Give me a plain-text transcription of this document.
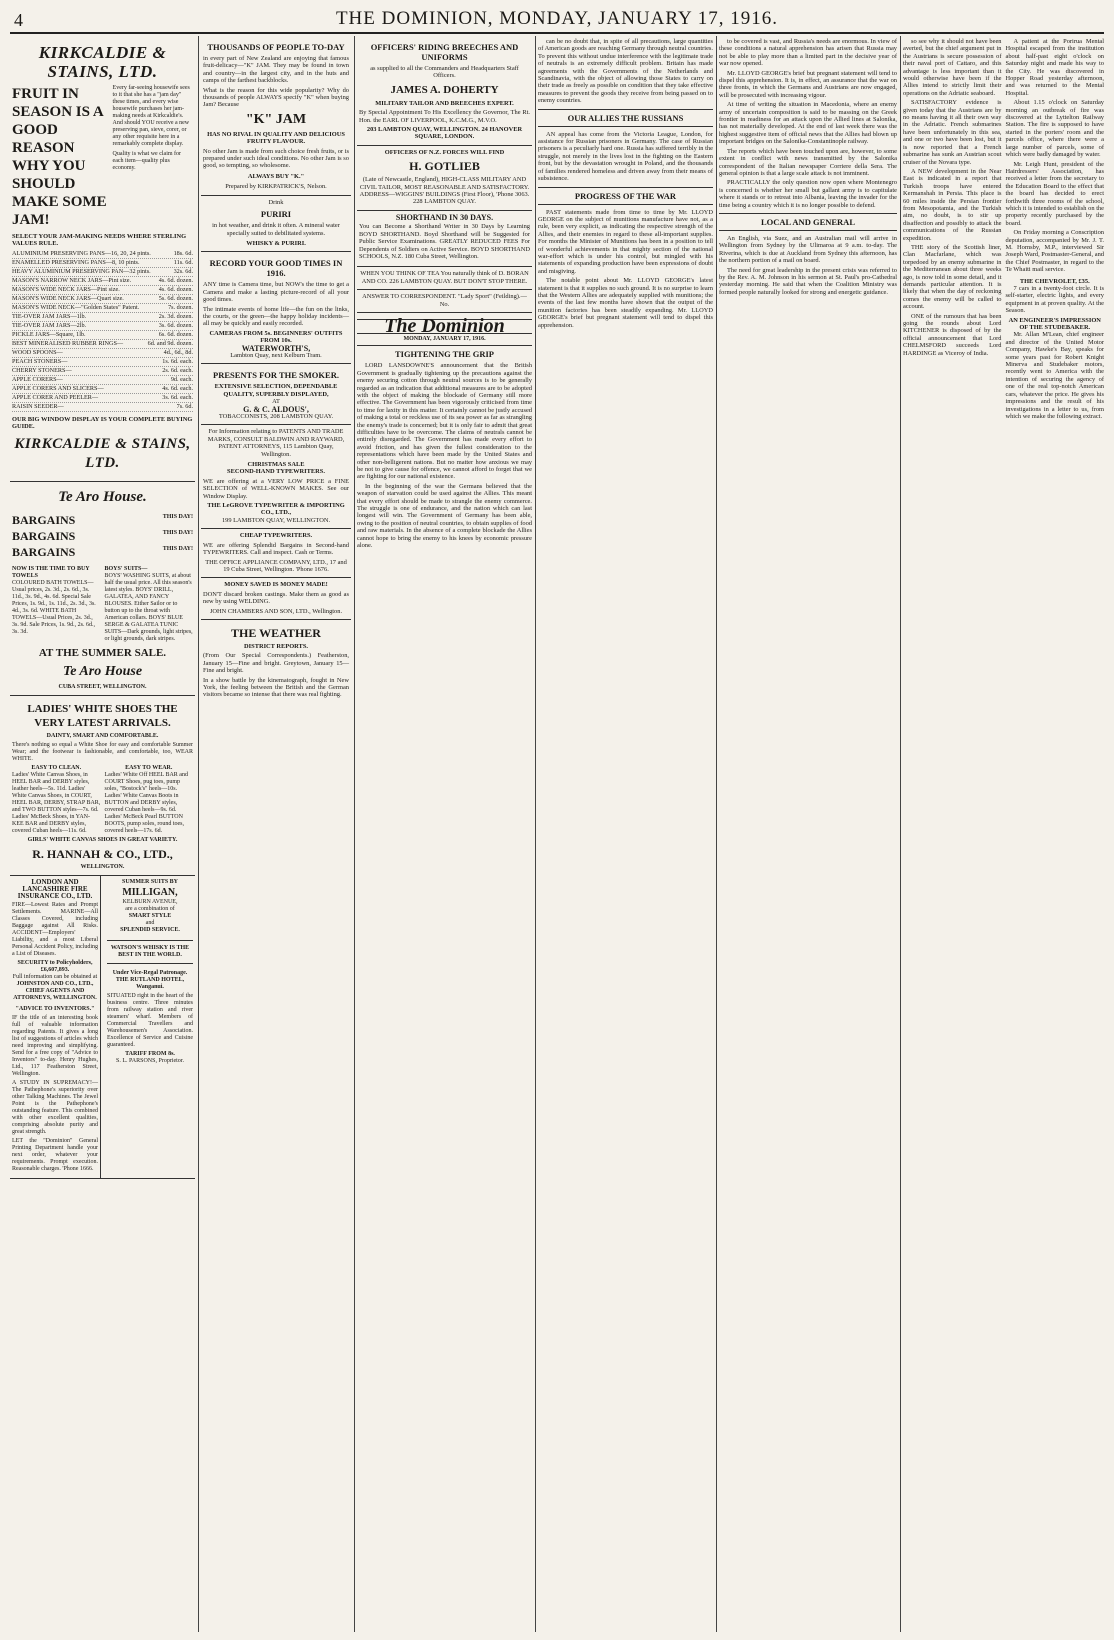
4	THE DOMINION, MONDAY, JANUARY 17, 1916.
KIRKCALDIE & STAINS, LTD.
FRUIT IN SEASON IS A GOOD REASON WHY YOU SHOULD MAKE SOME JAM!
Every far-seeing housewife sees to it that she has a "jam day" these times, and every wise housewife purchases her jam-making needs at Kirkcaldie's. And should YOU receive a new preserving pan, sieve, corer, or any other requisite here in a remarkably complete display.
Quality is what we claim for each item—quality plus economy.
SELECT YOUR JAM-MAKING NEEDS WHERE STERLING VALUES RULE.
ALUMINIUM PRESERVING PANS—16, 20, 24 pints.	18s. 6d.
ENAMELLED PRESERVING PANS—8, 10 pints.	11s. 6d.
HEAVY ALUMINIUM PRESERVING PAN—32 pints.	32s. 6d.
MASON'S NARROW NECK JARS—Pint size.	4s. 6d. dozen.
MASON'S WIDE NECK JARS—Pint size.	4s. 6d. dozen.
MASON'S WIDE NECK JARS—Quart size.	5s. 6d. dozen.
MASON'S WIDE NECK—"Golden States" Patent.	7s. dozen.
TIE-OVER JAM JARS—1lb.	2s. 3d. dozen.
TIE-OVER JAM JARS—2lb.	3s. 6d. dozen.
PICKLE JARS—Square, 1lb.	6s. 6d. dozen.
BEST MINERALISED RUBBER RINGS—	6d. and 9d. dozen.
WOOD SPOONS—	4d., 6d., 8d.
PEACH STONERS—	1s. 6d. each.
CHERRY STONERS—	2s. 6d. each.
APPLE CORERS—	9d. each.
APPLE CORERS AND SLICERS—	4s. 6d. each.
APPLE CORER AND PEELER—	3s. 6d. each.
RAISIN SEEDER—	7s. 6d.
OUR BIG WINDOW DISPLAY IS YOUR COMPLETE BUYING GUIDE.
KIRKCALDIE & STAINS, LTD.
Te Aro House.
BARGAINS
BARGAINS
BARGAINS
THIS DAY!
THIS DAY!
THIS DAY!
NOW IS THE TIME TO BUY TOWELS
COLOURED BATH TOWELS—Usual prices, 2s. 3d., 2s. 6d., 3s. 11d., 3s. 9d., 4s. 6d. Special Sale Prices, 1s. 9d., 1s. 11d., 2s. 3d., 3s. 4d., 3s. 6d. WHITE BATH TOWELS—Usual Prices, 2s. 3d., 3s. 9d. Sale Prices, 1s. 9d., 2s. 6d., 3s. 3d.
BOYS' SUITS—
BOYS' WASHING SUITS, at about half the usual price. All this season's latest styles. BOYS' DRILL, GALATEA, AND FANCY BLOUSES. Either Sailor or to button up to the throat with American collars. BOYS' BLUE SERGE & GALATEA TUNIC SUITS—Dark grounds, light stripes, or light grounds, dark stripes.
AT THE SUMMER SALE.
Te Aro House
CUBA STREET, WELLINGTON.
LADIES' WHITE SHOES THE VERY LATEST ARRIVALS.
DAINTY, SMART AND COMFORTABLE.
There's nothing so equal a White Shoe for easy and comfortable Summer Wear; and the footwear is fashionable, and comfortable, too, WEAR WHITE.
EASY TO CLEAN.
Ladies' White Canvas Shoes, in HEEL BAR and DERBY styles, leather heels—5s. 11d. Ladies' White Canvas Shoes, in COURT, HEEL BAR, DERBY, STRAP BAR, and TWO BUTTON styles—7s. 6d. Ladies' McBeck Shoes, in YAN-KEE BAR and DERBY styles, covered Cuban heels—11s. 6d.
EASY TO WEAR.
Ladies' White Off HEEL BAR and COURT Shoes, pug toes, pump soles, "Bostock's" heels—10s. Ladies' White Canvas Boots in BUTTON and DERBY styles, covered Cuban heels—9s. 6d. Ladies' McBeck Pearl BUTTON BOOTS, pump soles, round toes, covered heels—17s. 6d.
GIRLS' WHITE CANVAS SHOES IN GREAT VARIETY.
R. HANNAH & CO., LTD.,
WELLINGTON.
LONDON AND LANCASHIRE FIRE INSURANCE CO., LTD.
FIRE—Lowest Rates and Prompt Settlements. MARINE—All Classes Covered, including Baggage against All Risks. ACCIDENT—Employers' Liability, and a most Liberal Personal Accident Policy, including a List of Diseases.
SECURITY to Policyholders, £6,607,893.
Full information can be obtained at
JOHNSTON AND CO., LTD., CHIEF AGENTS AND ATTORNEYS, WELLINGTON.
"ADVICE TO INVENTORS."
IF the title of an interesting book full of valuable information regarding Patents. It gives a long list of suggestions of articles which need improving and simplifying. Send for a free copy of "Advice to Inventors" to-day. Henry Hughes, Ltd., 117 Featherston Street, Wellington.
A STUDY IN SUPREMACY!—The Pathephone's superiority over other Talking Machines. The Jewel Point is the Pathephone's outstanding feature. This combined with other excellent qualities, comprising absolute purity and great strength.
LET the "Dominion" General Printing Department handle your next order, whatever your requirements. Prompt execution. Reasonable charges. 'Phone 1666.
SUMMER SUITS BY
MILLIGAN,
KELBURN AVENUE,
are a combination of
SMART STYLE
and
SPLENDID SERVICE.
WATSON'S WHISKY IS THE BEST IN THE WORLD.
Under Vice-Regal Patronage. THE RUTLAND HOTEL, Wanganui.
SITUATED right in the heart of the business centre. Three minutes from railway station and river steamers' wharf. Members of Commercial Travellers and Warehousemen's Association. Excellence of Service and Cuisine guaranteed.
TARIFF FROM 8s.
S. L. PARSONS, Proprietor.
THOUSANDS OF PEOPLE TO-DAY
in every part of New Zealand are enjoying that famous fruit-delicacy—"K" JAM. They may be found in town and country—in the largest city, and in the huts and camps of the farthest backblocks.
What is the reason for this wide popularity? Why do thousands of people ALWAYS specify "K" when buying Jam? Because
"K" JAM
HAS NO RIVAL IN QUALITY AND DELICIOUS FRUITY FLAVOUR.
No other Jam is made from such choice fresh fruits, or is prepared under such ideal conditions. No other Jam is so good, so tempting, so wholesome.
ALWAYS BUY "K."
Prepared by KIRKPATRICK'S, Nelson.
Drink
PURIRI
in hot weather, and drink it often. A mineral water specially suited to debilitated systems.
WHISKY & PURIRI.
RECORD YOUR GOOD TIMES IN 1916.
ANY time is Camera time, but NOW's the time to get a Camera and make a lasting picture-record of all your good times.
The intimate events of home life—the fun on the links, the courts, or the green—the happy holiday incidents—all may be quickly and easily recorded.
CAMERAS FROM 5s. BEGINNERS' OUTFITS FROM 10s.
WATERWORTH'S,
Lambton Quay, next Kelburn Tram.
PRESENTS FOR THE SMOKER.
EXTENSIVE SELECTION, DEPENDABLE QUALITY, SUPERBLY DISPLAYED,
AT
G. & C. ALDOUS',
TOBACCONISTS, 208 LAMBTON QUAY.
For Information relating to PATENTS AND TRADE MARKS, CONSULT BALDWIN AND RAYWARD, PATENT ATTORNEYS, 115 Lambton Quay, Wellington.
CHRISTMAS SALE
SECOND-HAND TYPEWRITERS.
WE are offering at a VERY LOW PRICE a FINE SELECTION of WELL-KNOWN MAKES. See our Window Display.
THE LeGROVE TYPEWRITER & IMPORTING CO., LTD.,
199 LAMBTON QUAY, WELLINGTON.
CHEAP TYPEWRITERS.
WE are offering Splendid Bargains in Second-hand TYPEWRITERS. Call and inspect. Cash or Terms.
THE OFFICE APPLIANCE COMPANY, LTD., 17 and 19 Cuba Street, Wellington. 'Phone 1676.
MONEY SAVED IS MONEY MADE!
DON'T discard broken castings. Make them as good as new by using WELDING.
JOHN CHAMBERS AND SON, LTD., Wellington.
THE WEATHER
DISTRICT REPORTS.
(From Our Special Correspondents.) Featherston, January 15—Fine and bright. Greytown, January 15—Fine and bright.
In a show battle by the kinematograph, fought in New York, the feeling between the British and the German visitors became so intense that there was real fighting.
OFFICERS' RIDING BREECHES AND UNIFORMS
as supplied to all the Commanders and Headquarters Staff Officers.
JAMES A. DOHERTY
MILITARY TAILOR AND BREECHES EXPERT.
By Special Appointment To His Excellency the Governor, The Rt. Hon. the EARL OF LIVERPOOL, K.C.M.G., M.V.O.
203 LAMBTON QUAY, WELLINGTON. 24 HANOVER SQUARE, LONDON.
OFFICERS OF N.Z. FORCES WILL FIND
H. GOTLIEB
(Late of Newcastle, England), HIGH-CLASS MILITARY AND CIVIL TAILOR, MOST REASONABLE AND SATISFACTORY.
ADDRESS—WIGGINS' BUILDINGS (First Floor), 'Phone 3063. 228 LAMBTON QUAY.
SHORTHAND IN 30 DAYS.
You can Become a Shorthand Writer in 30 Days by Learning BOYD SHORTHAND. Boyd Shorthand will be Suggested for Public Service Examinations. GREATLY REDUCED FEES For Dependents of Soldiers on Active Service. BOYD SHORTHAND SCHOOLS, N.Z. 180 Cuba Street, Wellington.
WHEN YOU THINK OF TEA You naturally think of D. BORAN AND CO. 226 LAMBTON QUAY. BUT DON'T STOP THERE.
ANSWER TO CORRESPONDENT. "Lady Sport" (Feilding).—No.
The Dominion
MONDAY, JANUARY 17, 1916.
TIGHTENING THE GRIP

LORD LANSDOWNE'S announcement that the British Government is gradually tightening up the precautions against the enemy securing cotton through neutral sources is to be generally regarded as an indication that additional measures are to be adopted with the object of making the blockade of Germany still more effective. The Government has been vigorously criticised from time to time for laxity in this matter. It certainly cannot be justly accused of making a total or reckless use of its sea power as far as strangling the enemy's trade is concerned; but it is only fair to admit that great difficulties have to be overcome. The claims of neutrals cannot be entirely disregarded. The Government has made every effort to avoid friction, and has given the fullest consideration to the representations which have been made by the United States and other non-belligerent nations. But no matter how anxious we may be not to give cause for offence, we cannot afford to forget that we are fighting for our national existence.

In the beginning of the war the Germans believed that the weapon of starvation could be used against the Allies. This meant that every effort should be made to strangle the enemy commerce. The struggle is one of endurance, and the nation which can last longest will win. The Government of Germany has been able, owing to the position of neutral countries, to obtain supplies of food and raw materials. In the absence of a complete blockade the Allies cannot hope to bring the enemy to his knees by economic pressure alone.

can be no doubt that, in spite of all precautions, large quantities of American goods are reaching Germany through neutral countries. To prevent this without undue interference with the legitimate trade of neutrals is an extremely difficult problem. Britain has made agreements with the Governments of the Netherlands and Scandinavia, with the object of allowing those States to carry on their trade as freely as possible on condition that they take effective measures to prevent the goods they receive from being passed on to enemy countries.

OUR ALLIES THE RUSSIANS

AN appeal has come from the Victoria League, London, for assistance for Russian prisoners in Germany. The case of Russian prisoners is a peculiarly hard one. Russia has suffered terribly in the struggle, not merely in the lives lost in the fighting on the Eastern front, but by the devastation wrought in Poland, and the thousands of families rendered homeless and driven away from their means of subsistence.

PROGRESS OF THE WAR

PAST statements made from time to time by Mr. LLOYD GEORGE on the subject of munitions manufacture have not, as a rule, been very explicit, as indicating the respective strength of the Allies, and their enemies in regard to these all-important supplies. For months the Minister of Munitions has been in a position to tell of wonderful achievements in that mighty section of the national war-effort which is under his control, but mingled with his statements of expanding production have been expressions of doubt and misgiving.

The notable point about Mr. LLOYD GEORGE's latest statement is that it supplies no such ground. It is no surprise to learn that the Western Allies are adequately supplied with munitions; the events of the last few months have shown that the output of the munition factories has been steadily expanding. Mr. LLOYD GEORGE's brief but pregnant statement will tend to dispel this apprehension.

to be covered is vast, and Russia's needs are enormous. In view of these conditions a natural apprehension has arisen that Russia may not be able to play more than a limited part in the decisive year of war now opened.

Mr. LLOYD GEORGE's brief but pregnant statement will tend to dispel this apprehension. It is, in effect, an assurance that the war on three fronts, in which the Germans and Austrians are now engaged, will be prosecuted with increasing vigour.

At time of writing the situation in Macedonia, where an enemy army of uncertain composition is said to be massing on the Greek frontier in readiness for an attack upon the Allied lines at Salonika, has not materially developed. At the end of last week there was the highest suggestive item of official news that the Allies had blown up important bridges on the Salonika-Constantinople railway.

The reports which have been touched upon are, however, to some extent in conflict with news transmitted by the Salonika correspondent of the Italian newspaper Corriere della Sera. The general opinion is that a large scale attack is not imminent.

PRACTICALLY the only question now open where Montenegro is concerned is whether her small but gallant army is to capitulate where it stands or to retreat into Albania, leaving the invader for the time being a country which it is no longer possible to defend.

LOCAL AND GENERAL

An English, via Suez, and an Australian mail will arrive in Wellington from Sydney by the Ulimaroa at 9 a.m. to-day. The Riverina, which is due at Auckland from Sydney this afternoon, has the northern portion of a mail on board.

The need for great leadership in the present crisis was referred to by the Rev. A. M. Johnson in his sermon at St. Paul's pro-Cathedral yesterday morning. He said that when the Coalition Ministry was formed people naturally looked for strong and energetic guidance.

so see why it should not have been averted, but the chief argument put in the Austrians is secure possession of their naval port of Cattaro, and this advantage is less important than it would otherwise have been if the Allies intend to strictly limit their operations on the Adriatic seaboard.

SATISFACTORY evidence is given today that the Austrians are by no means having it all their own way in the Adriatic. French submarines have been unfortunately in this sea, and one or two have been lost, but it is now reported that a French submarine has sunk an Austrian scout cruiser of the Novara type.

A NEW development in the Near East is indicated in a report that Turkish troops have entered Kermanshah in Persia. This place is 60 miles inside the Persian frontier from Mesopotamia, and the Turkish aim, no doubt, is to stir up disaffection and possibly to attack the communications of the Russian expedition.

THE story of the Scottish liner, Clan Macfarlane, which was torpedoed by an enemy submarine in the Mediterranean about three weeks ago, is now told in some detail, and it demands particular attention. It is likely that when the day of reckoning comes the enemy will be called to account.

ONE of the rumours that has been going the rounds about Lord KITCHENER is disposed of by the official announcement that Lord CHELMSFORD succeeds Lord HARDINGE as Viceroy of India.

A patient at the Porirua Mental Hospital escaped from the institution about half-past eight o'clock on Saturday night and made his way to the City. He was discovered in Hopper Road yesterday afternoon, and was returned to the Mental Hospital.

About 1.15 o'clock on Saturday morning an outbreak of fire was discovered at the Lyttelton Railway Station. The fire is supposed to have started in the porters' room and the parcels office, where there were a large number of parcels, some of which were badly damaged by water.

Mr. Leigh Hunt, president of the Hairdressers' Association, has received a letter from the secretary to the Education Board to the effect that the board has decided to erect forthwith three rooms of the school, which it is intended to establish on the property recently purchased by the board.

On Friday morning a Conscription deputation, accompanied by Mr. J. T. M. Hornsby, M.P., interviewed Sir Joseph Ward, Postmaster-General, and the Chief Postmaster, in regard to the Te Whaiti mail service.

THE CHEVROLET, £35.

7 cars in a twenty-foot circle. It is self-starter, electric lights, and every equipment in at proven quality. At the Season.

AN ENGINEER'S IMPRESSION OF THE STUDEBAKER.

Mr. Allan M'Lean, chief engineer and director of the United Motor Company, Hawke's Bay, speaks for some years past for Robert Knight Minerva and Studebaker motors, recently went to America with the intention of securing the agency of one of the real top-notch American cars, whatever the price. He gives his impressions and the result of his investigations in a letter to us, from which we make the following extract.
